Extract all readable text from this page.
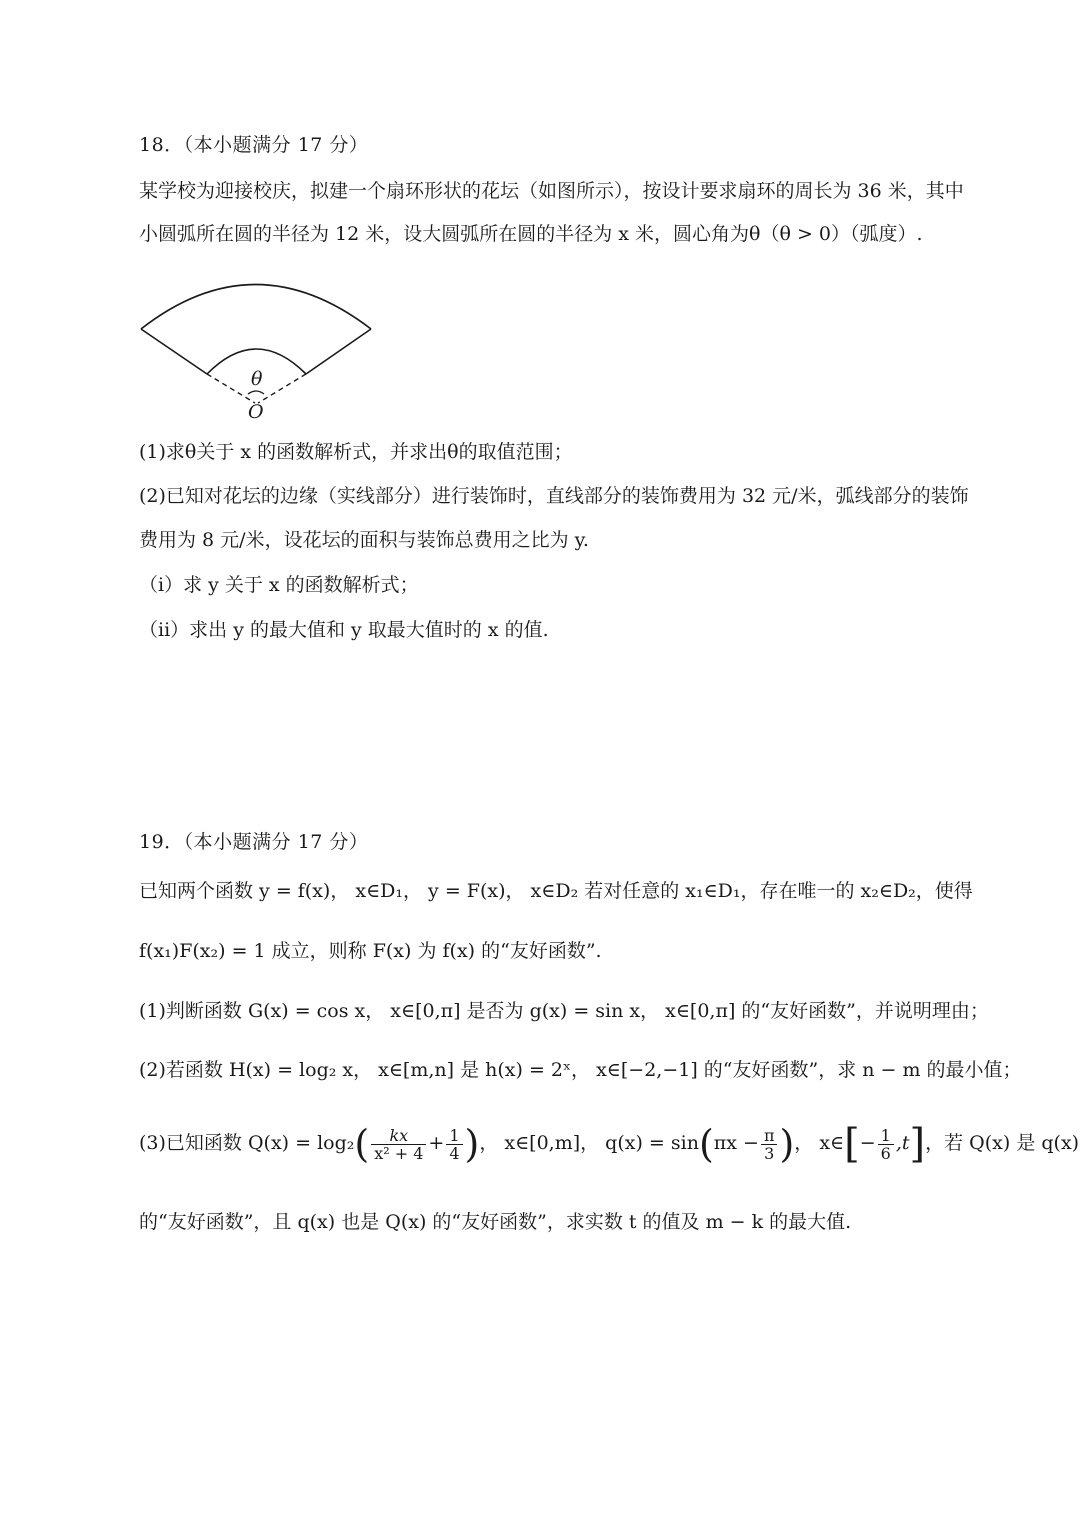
18．（本小题满分 17 分）
某学校为迎接校庆，拟建一个扇环形状的花坛（如图所示），按设计要求扇环的周长为 36 米，其中
小圆弧所在圆的半径为 12 米，设大圆弧所在圆的半径为 x 米，圆心角为θ（θ > 0）（弧度）.
θ
O
(1)求θ关于 x 的函数解析式，并求出θ的取值范围；
(2)已知对花坛的边缘（实线部分）进行装饰时，直线部分的装饰费用为 32 元/米，弧线部分的装饰
费用为 8 元/米，设花坛的面积与装饰总费用之比为 y.
（i）求 y 关于 x 的函数解析式；
（ii）求出 y 的最大值和 y 取最大值时的 x 的值.
19．（本小题满分 17 分）
已知两个函数 y = f(x)， x∈D₁， y = F(x)， x∈D₂ 若对任意的 x₁∈D₁，存在唯一的 x₂∈D₂，使得
f(x₁)F(x₂) = 1 成立，则称 F(x) 为 f(x) 的“友好函数”.
(1)判断函数 G(x) = cos x， x∈[0,π] 是否为 g(x) = sin x， x∈[0,π] 的“友好函数”，并说明理由；
(2)若函数 H(x) = log₂ x， x∈[m,n] 是 h(x) = 2ˣ， x∈[−2,−1] 的“友好函数”，求 n − m 的最小值；
(3)已知函数 $Q(x) = \log_2( \frac{kx}{\text{x² + 4}} + \frac{1}{4}$ )， x∈[0,m]， $q(x) = \sin(\pi x - \frac{\pi}{3}$ )， x∈[− $\frac{1}{6} ,t$]，若 Q(x) 是 q(x)
的“友好函数”，且 q(x) 也是 Q(x) 的“友好函数”，求实数 t 的值及 m − k 的最大值.
